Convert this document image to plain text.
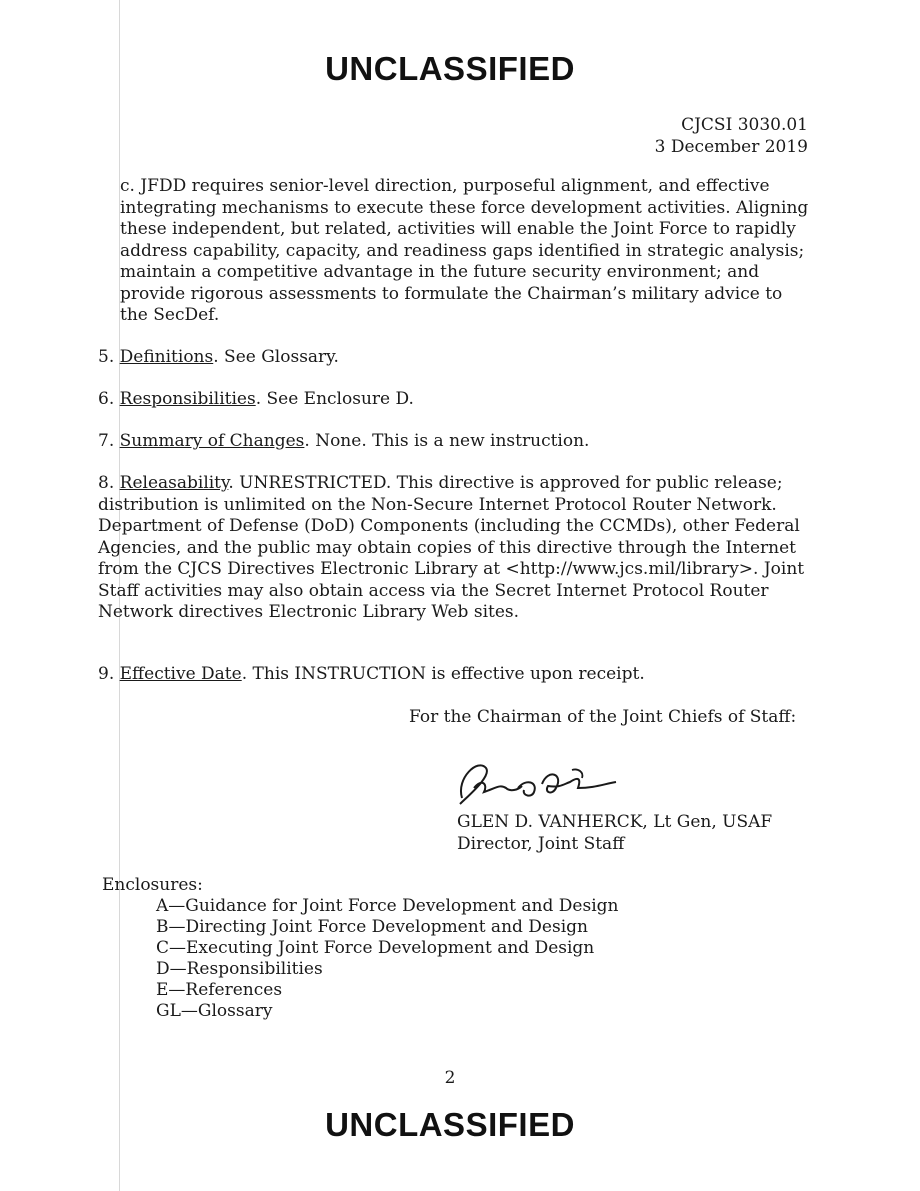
UNCLASSIFIED
CJCSI 3030.01
3 December 2019

c. JFDD requires senior-level direction, purposeful alignment, and effective integrating mechanisms to execute these force development activities. Aligning these independent, but related, activities will enable the Joint Force to rapidly address capability, capacity, and readiness gaps identified in strategic analysis; maintain a competitive advantage in the future security environment; and provide rigorous assessments to formulate the Chairman’s military advice to the SecDef.

5. Definitions. See Glossary.

6. Responsibilities. See Enclosure D.

7. Summary of Changes. None. This is a new instruction.

8. Releasability. UNRESTRICTED. This directive is approved for public release; distribution is unlimited on the Non-Secure Internet Protocol Router Network. Department of Defense (DoD) Components (including the CCMDs), other Federal Agencies, and the public may obtain copies of this directive through the Internet from the CJCS Directives Electronic Library at <http://www.jcs.mil/library>. Joint Staff activities may also obtain access via the Secret Internet Protocol Router Network directives Electronic Library Web sites.

9. Effective Date. This INSTRUCTION is effective upon receipt.

For the Chairman of the Joint Chiefs of Staff:
GLEN D. VANHERCK, Lt Gen, USAF
Director, Joint Staff
Enclosures:
A—Guidance for Joint Force Development and Design
B—Directing Joint Force Development and Design
C—Executing Joint Force Development and Design
D—Responsibilities
E—References
GL—Glossary
2
UNCLASSIFIED
